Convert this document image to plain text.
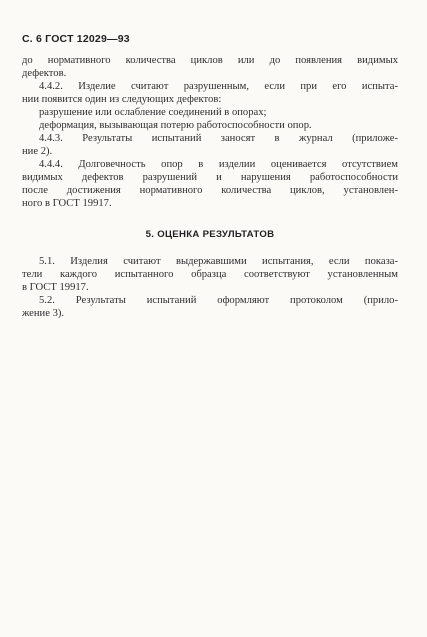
С. 6 ГОСТ 12029—93
до нормативного количества циклов или до появления видимых
дефектов.
4.4.2. Изделие считают разрушенным, если при его испыта-
нии появится один из следующих дефектов:
разрушение или ослабление соединений в опорах;
деформация, вызывающая потерю работоспособности опор.
4.4.3. Результаты испытаний заносят в журнал (приложе-
ние 2).
4.4.4. Долговечность опор в изделии оценивается отсутствием
видимых дефектов разрушений и нарушения работоспособности
после достижения нормативного количества циклов, установлен-
ного в ГОСТ 19917.
5. ОЦЕНКА РЕЗУЛЬТАТОВ
5.1. Изделия считают выдержавшими испытания, если показа-
тели каждого испытанного образца соответствуют установленным
в ГОСТ 19917.
5.2. Результаты испытаний оформляют протоколом (прило-
жение 3).
